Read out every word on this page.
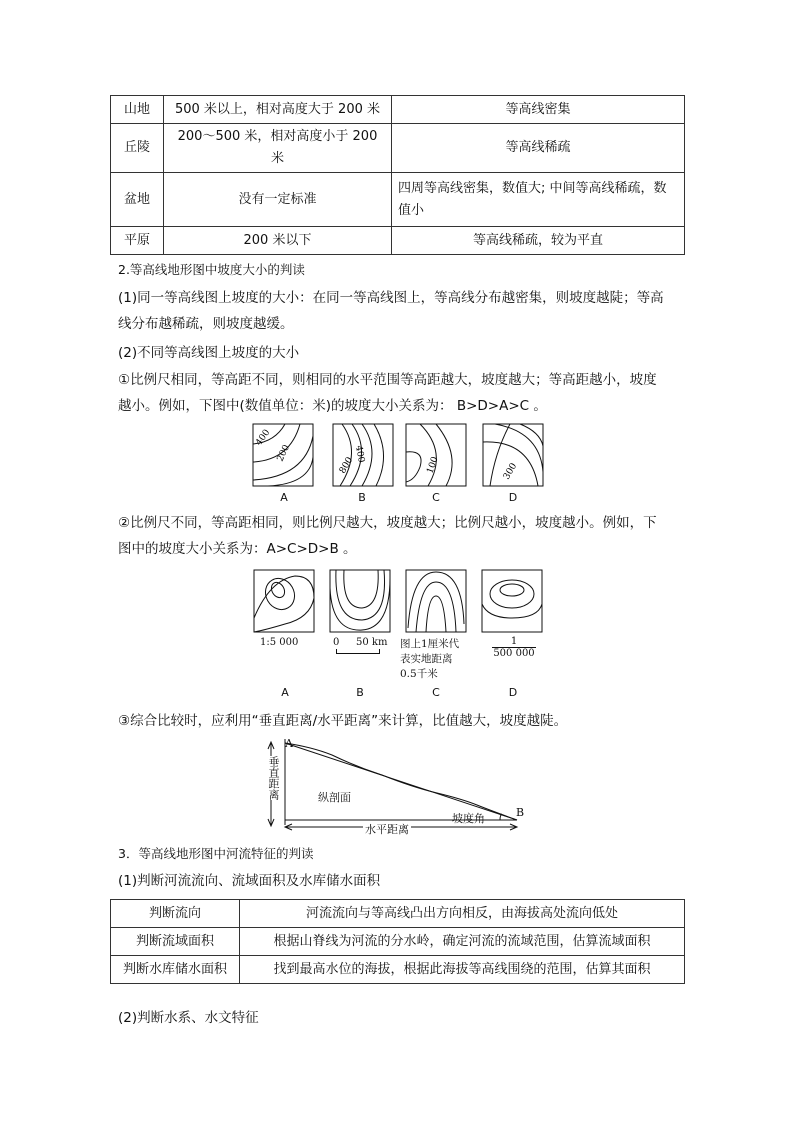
山地	500 米以上，相对高度大于 200 米	等高线密集
丘陵	200～500 米，相对高度小于 200 米	等高线稀疏
盆地	没有一定标准	四周等高线密集，数值大; 中间等高线稀疏，数值小
平原	200 米以下	等高线稀疏，较为平直
2.等高线地形图中坡度大小的判读
(1)同一等高线图上坡度的大小：在同一等高线图上，等高线分布越密集，则坡度越陡；等高
线分布越稀疏，则坡度越缓。
(2)不同等高线图上坡度的大小
①比例尺相同，等高距不同，则相同的水平范围等高距越大，坡度越大；等高距越小，坡度
越小。例如，下图中(数值单位：米)的坡度大小关系为： B>D>A>C 。
400
200	400
800	100	300
A	B	C	D
②比例尺不同，等高距相同，则比例尺越大，坡度越大；比例尺越小，坡度越小。例如，下
图中的坡度大小关系为：A>C>D>B 。
1:5 000	0 50 km 图上1厘米代
表实地距离
0.5千米
$\frac{1}{500 000}$
A	B	C	D
③综合比较时，应利用“垂直距离/水平距离”来计算，比值越大，坡度越陡。
A
B
垂直距离	纵剖面
坡度角
水平距离
3．等高线地形图中河流特征的判读
(1)判断河流流向、流域面积及水库储水面积
判断流向	河流流向与等高线凸出方向相反，由海拔高处流向低处
判断流域面积	根据山脊线为河流的分水岭，确定河流的流域范围，估算流域面积
判断水库储水面积	找到最高水位的海拔，根据此海拔等高线围绕的范围，估算其面积
(2)判断水系、水文特征
